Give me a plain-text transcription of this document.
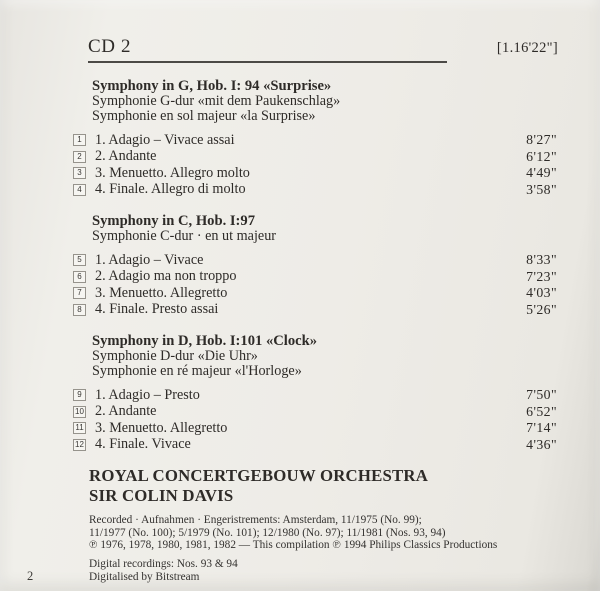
CD 2	[1.16'22"]
Symphony in G, Hob. I: 94 «Surprise»
Symphonie G-dur «mit dem Paukenschlag»
Symphonie en sol majeur «la Surprise»
1 1. Adagio – Vivace assai	8'27"
2 2. Andante	6'12"
3 3. Menuetto. Allegro molto	4'49"
4 4. Finale. Allegro di molto	3'58"
Symphony in C, Hob. I:97
Symphonie C-dur · en ut majeur
5 1. Adagio – Vivace	8'33"
6 2. Adagio ma non troppo	7'23"
7 3. Menuetto. Allegretto	4'03"
8 4. Finale. Presto assai	5'26"
Symphony in D, Hob. I:101 «Clock»
Symphonie D-dur «Die Uhr»
Symphonie en ré majeur «l'Horloge»
9 1. Adagio – Presto	7'50"
10 2. Andante	6'52"
11 3. Menuetto. Allegretto	7'14"
12 4. Finale. Vivace	4'36"
ROYAL CONCERTGEBOUW ORCHESTRA
SIR COLIN DAVIS
Recorded · Aufnahmen · Engeristrements: Amsterdam, 11/1975 (No. 99);
11/1977 (No. 100); 5/1979 (No. 101); 12/1980 (No. 97); 11/1981 (Nos. 93, 94)
℗ 1976, 1978, 1980, 1981, 1982 — This compilation ℗ 1994 Philips Classics Productions
Digital recordings: Nos. 93 & 94
Digitalised by Bitstream
2
